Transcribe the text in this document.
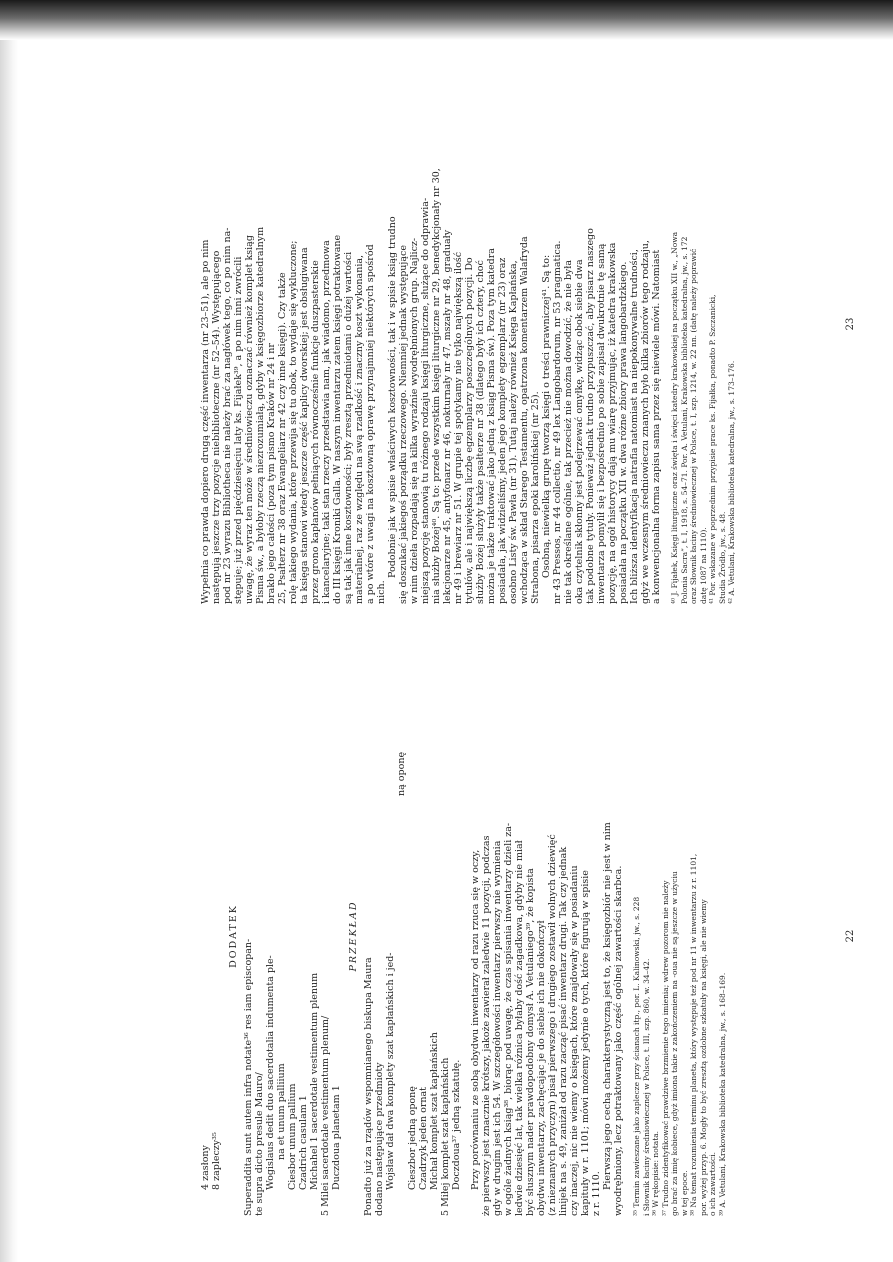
4 zasłony 8 zapleczy³⁵
DODATEK
Superaddita sunt autem infra notate³⁶ res iam episcopan- te supra dicto presule Mauro/ Wogislaus dedit duo sacerdotalia indumenta ple- na et unum palliium Ciesbor unum pallium Czadrich casulam 1 Michahel 1 sacerdotale vestimentum plenum 5 Milei sacerdotale vestimentum plenum/ Duczdoua planetam 1
PRZEKŁAD
Ponadto już za rządów wspomnianego biskupa Maura dodano następujące przedmioty Wojsław dał dwa komplety szat kapłańskich i jed-
ną oponę
Cieszbor jedną oponę Czadrzyk jeden ornat Michał komplet szat kapłańskich 5 Miłej komplet szat kapłańskich Doczdoua³⁷ jedną szkatułę. Przy porównaniu ze sobą obydwu inwentarzy od razu rzuca się w oczy, że pierwszy jest znacznie krótszy, jakoże zawierał zaledwie 11 pozycji, podczas gdy w drugim jest ich 54. W szczegółowości inwentarz pierwszy nie wymienia w ogóle żadnych ksiąg³⁸, biorąc pod uwagę, że czas spisania inwentarzy dzieli za- ledwie dziesięć lat, tak wielka różnica byłaby dość zagadkowa, gdyby nie miał być słusznym nader prawdopodobny domysł A. Vetulaniego³⁹, że kopista obydwu inwentarzy, zachęcając je do siebie ich nie dokończył (z nieznanych przyczyn) pisał pierwszego i drugiego zostawił wolnych dziewięć linijek na s. 49, zaniżał od razu zacząć pisać inwentarz drugi. Tak czy jednak czy inaczej, nic nie wiemy o księgach, które znajdowały się w posiadaniu kapituły w r. 1101; mówi możemy jedynie o tych, które figurują w spisie z r. 1110.
Pierwszą jego cechą charakterystyczną jest to, że księgozbiór nie jest w nim wyodrębniony, lecz potraktowany jako część ogólnej zawartości skarbca. ³⁵ Termin zawieszane jako zaplecze przy ścianach itp., por. L. Kalinowski, jw., s. 228 i Słownik łaciny średniowiecznej w Polsce, t. III, szp. 860, w. 34–42. ³⁶ W rękopisie: notata. ³⁷ Trudno zidentyfikować prawdziwe brzmienie tego imienia; wdrew pozorom nie należy go brać za imię kobiece, gdyż imiona takie z zakończeniem na -oua nie są jeszcze w użyciu w tej epoce. ³⁸ Na temat rozumienia terminu planeta, który występuje też pod nr 11 w inwentarzu z r. 1101, por. wyżej przyp. 6. Mogły to być zresztą ozdobne szkatuły na księgi, ale nie wiemy o ich zawartości. ³⁹ A. Vetulani, Krakowska biblioteka katedralna, jw., s. 168–169.
22
Wypełnia co prawda dopiero drugą część inwentarza (nr 23–51), ale po nim następują jeszcze trzy pozycje niebiblioteczne (nr 52–54). Występującego pod nr 23 wyrazu Bibliotheca nie należy brać za nagłówek tego, co po nim na- stępuje; już przed pięćdziesięciu laty ks. Fijałek³⁹, a po nim inni zwrócili uwagę, że wyraz ten może w średniowieczu oznaczać również komplet ksiąg Pisma św., a byłoby rzeczą niezrozumiałą, gdyby w księgozbiorze katedralnym brakło jego całości (poza tym pismo Kraków nr 24 i nr 25, Psałterz nr 38 oraz Ewangeliarz nr 42 czy inne księgi). Czy także rolę takiego wydania, które przewija się tu obok, to wydaje się wykluczone; ta księga stanowi wtedy jeszcze część kaplicy dworskiej; jest obsługiwana przez grono kapłanów pełniących równocześnie funkcje duszpasterskie i kancelaryjne; taki stan rzeczy przedstawia nam, jak wiadomo, przedmowa do III księgi Kroniki Galla. W naszym inwentarzu zatem księgi potraktowane są tak jak inne kosztowności; były zresztą przedmiotami o dużej wartości materialnej, raz ze względu na swą rzadkość i znaczny koszt wykonania, a po wtóre z uwagi na kosztowną oprawę przynajmniej niektórych spośród nich.
Podobnie jak w spisie właściwych kosztowności, tak i w spisie ksiąg trudno się doszukać jakiegoś porządku rzeczowego. Niemniej jednak występujące w nim dzieła rozpadają się na kilka wyraźnie wyodrębnionych grup. Najlicz- niejszą pozycję stanowią tu różnego rodzaju księgi liturgiczne, służące do odprawia- nia służby Bożej⁴⁰. Są to: przede wszystkim księgi liturgiczne nr 29, benedykcjonały nr 30, lekcjonarze nr 45, antyfonarz nr 46, nokturnały nr 47, mszały nr 48, graduały nr 49 i brewiarz nr 51. W grupie tej spotykamy nie tylko największą ilość tytułów, ale i największą liczbę egzemplarzy poszczególnych pozycji. Do służby Bożej służyły także psałterze nr 38 (dlatego były ich cztery, choć można je także traktować jako jedną z ksiąg Pisma św.). Poza tym katedra posiadała, jak widzieliśmy, jeden jego komplety egzemplarz (nr 23) oraz osobno Listy św. Pawła (nr 31). Tutaj należy również Księga Kapłańska, wchodząca w skład Starego Testamentu, opatrzona komentarzem Walafryda Strabona, pisarza epoki karolińskiej (nr 25). Osobną, niewielką grupę tworzą księgi o treści prawniczej⁴¹. Są to: nr 43 Pressos, nr 44 collectio, nr 49 lex Langobardorum, nr 53 pragmatica. nie tak określane ogólnie, tak przecież nie można dowodzić, że nie była oka czytelnik skłonny jest podejrzewać omyłkę, widząc obok siebie dwa tak podobne tytuły. Ponieważ jednak trudno przypuszczać, aby pisarz naszego inwentarza pomylił się i bezpośrednio po sobie zapisał dwukrotnie tę samą pozycję, na ogół historycy dają mu wiarę przyjmując, iż katedra krakowska posiadała na początku XII w. dwa różne zbiory prawa langobardzkiego. Ich bliższa identyfikacja natrafia natomiast na niepokonywalne trudności, gdyż we wczesnym średniowieczu znanych było kilka zbiorów tego rodzaju, a konwencjonalna forma zapisu sama przez się niewiele mówi. Natomiast ⁴⁰ J. Fijałek, Księgi liturgiczne oraz święta i święci katedry krakowskiej na początku XII w., „Nowa Polonia Sacra”, t. I, 1918, s. 54–71. Por. A. Vetulani, Krakowska biblioteka katedralna, jw., s. 172 oraz Słownik łaciny średniowiecznej w Polsce, t. I, szp. 1214, w. 22 nn. (datę należy poprawić datę 1087 na 1110). ⁴¹ Por. wskazane w poprzednim przypisie prace ks. Fijałka, ponadto P. Szczanicki, Studia Źródło, jw., s. 48. ⁴² A. Vetulani, Krakowska biblioteka katedralna, jw., s. 173–176.
23
